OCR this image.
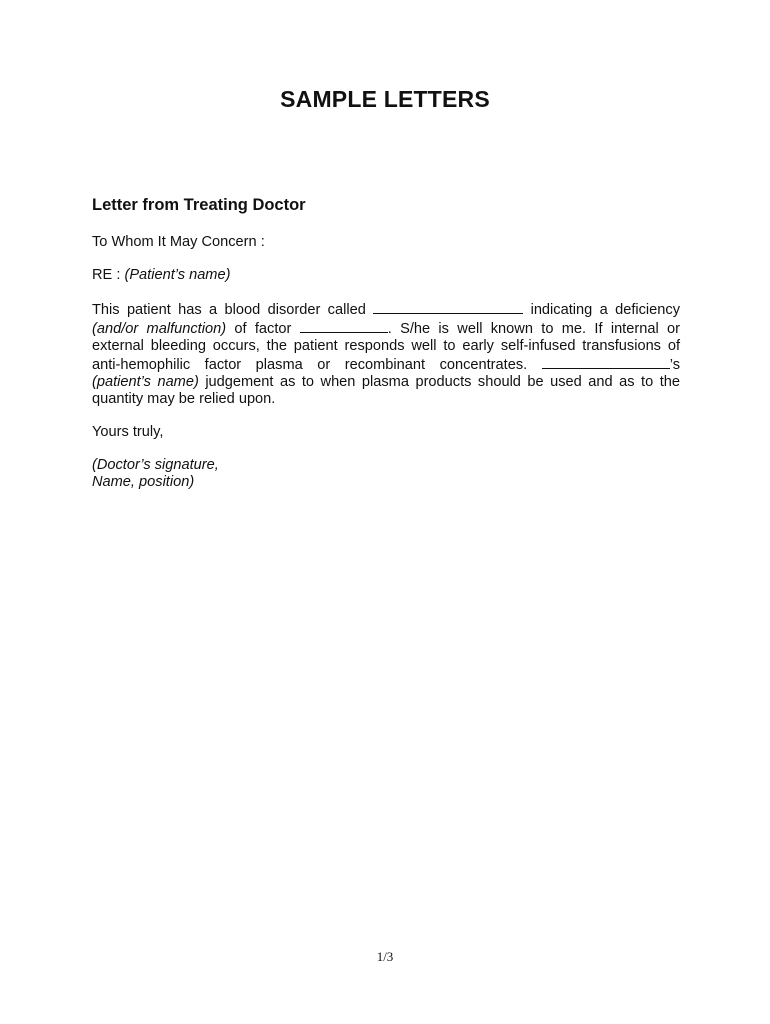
SAMPLE LETTERS
Letter from Treating Doctor
To Whom It May Concern :
RE : (Patient’s name)
This patient has a blood disorder called	indicating a deficiency (and/or malfunction) of factor	. S/he is well known to me. If internal or external bleeding occurs, the patient responds well to early self-infused transfusions of anti-hemophilic factor plasma or recombinant concentrates.	’s (patient’s name) judgement as to when plasma products should be used and as to the quantity may be relied upon.
Yours truly,
(Doctor’s signature,
Name, position)
1/3
